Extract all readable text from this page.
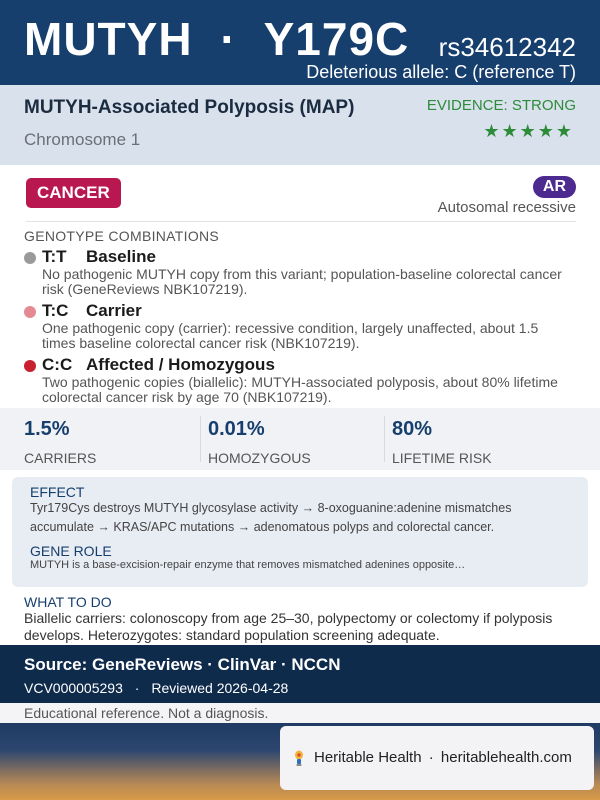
MUTYH · Y179C rs34612342
Deleterious allele: C (reference T)
MUTYH-Associated Polyposis (MAP)
Chromosome 1
EVIDENCE: STRONG
★★★★★
CANCER	AR
Autosomal recessive
GENOTYPE COMBINATIONS
T:T Baseline
No pathogenic MUTYH copy from this variant; population-baseline colorectal cancer risk (GeneReviews NBK107219).
T:C Carrier
One pathogenic copy (carrier): recessive condition, largely unaffected, about 1.5 times baseline colorectal cancer risk (NBK107219).
C:C Affected / Homozygous
Two pathogenic copies (biallelic): MUTYH-associated polyposis, about 80% lifetime colorectal cancer risk by age 70 (NBK107219).
1.5%
CARRIERS
0.01%
HOMOZYGOUS
80%
LIFETIME RISK
EFFECT
Tyr179Cys destroys MUTYH glycosylase activity → 8-oxoguanine:adenine mismatches accumulate → KRAS/APC mutations → adenomatous polyps and colorectal cancer.
GENE ROLE
MUTYH is a base-excision-repair enzyme that removes mismatched adenines opposite…
WHAT TO DO
Biallelic carriers: colonoscopy from age 25–30, polypectomy or colectomy if polyposis develops. Heterozygotes: standard population screening adequate.
Source: GeneReviews · ClinVar · NCCN
VCV000005293 · Reviewed 2026-04-28
Educational reference. Not a diagnosis.
Heritable Health · heritablehealth.com
